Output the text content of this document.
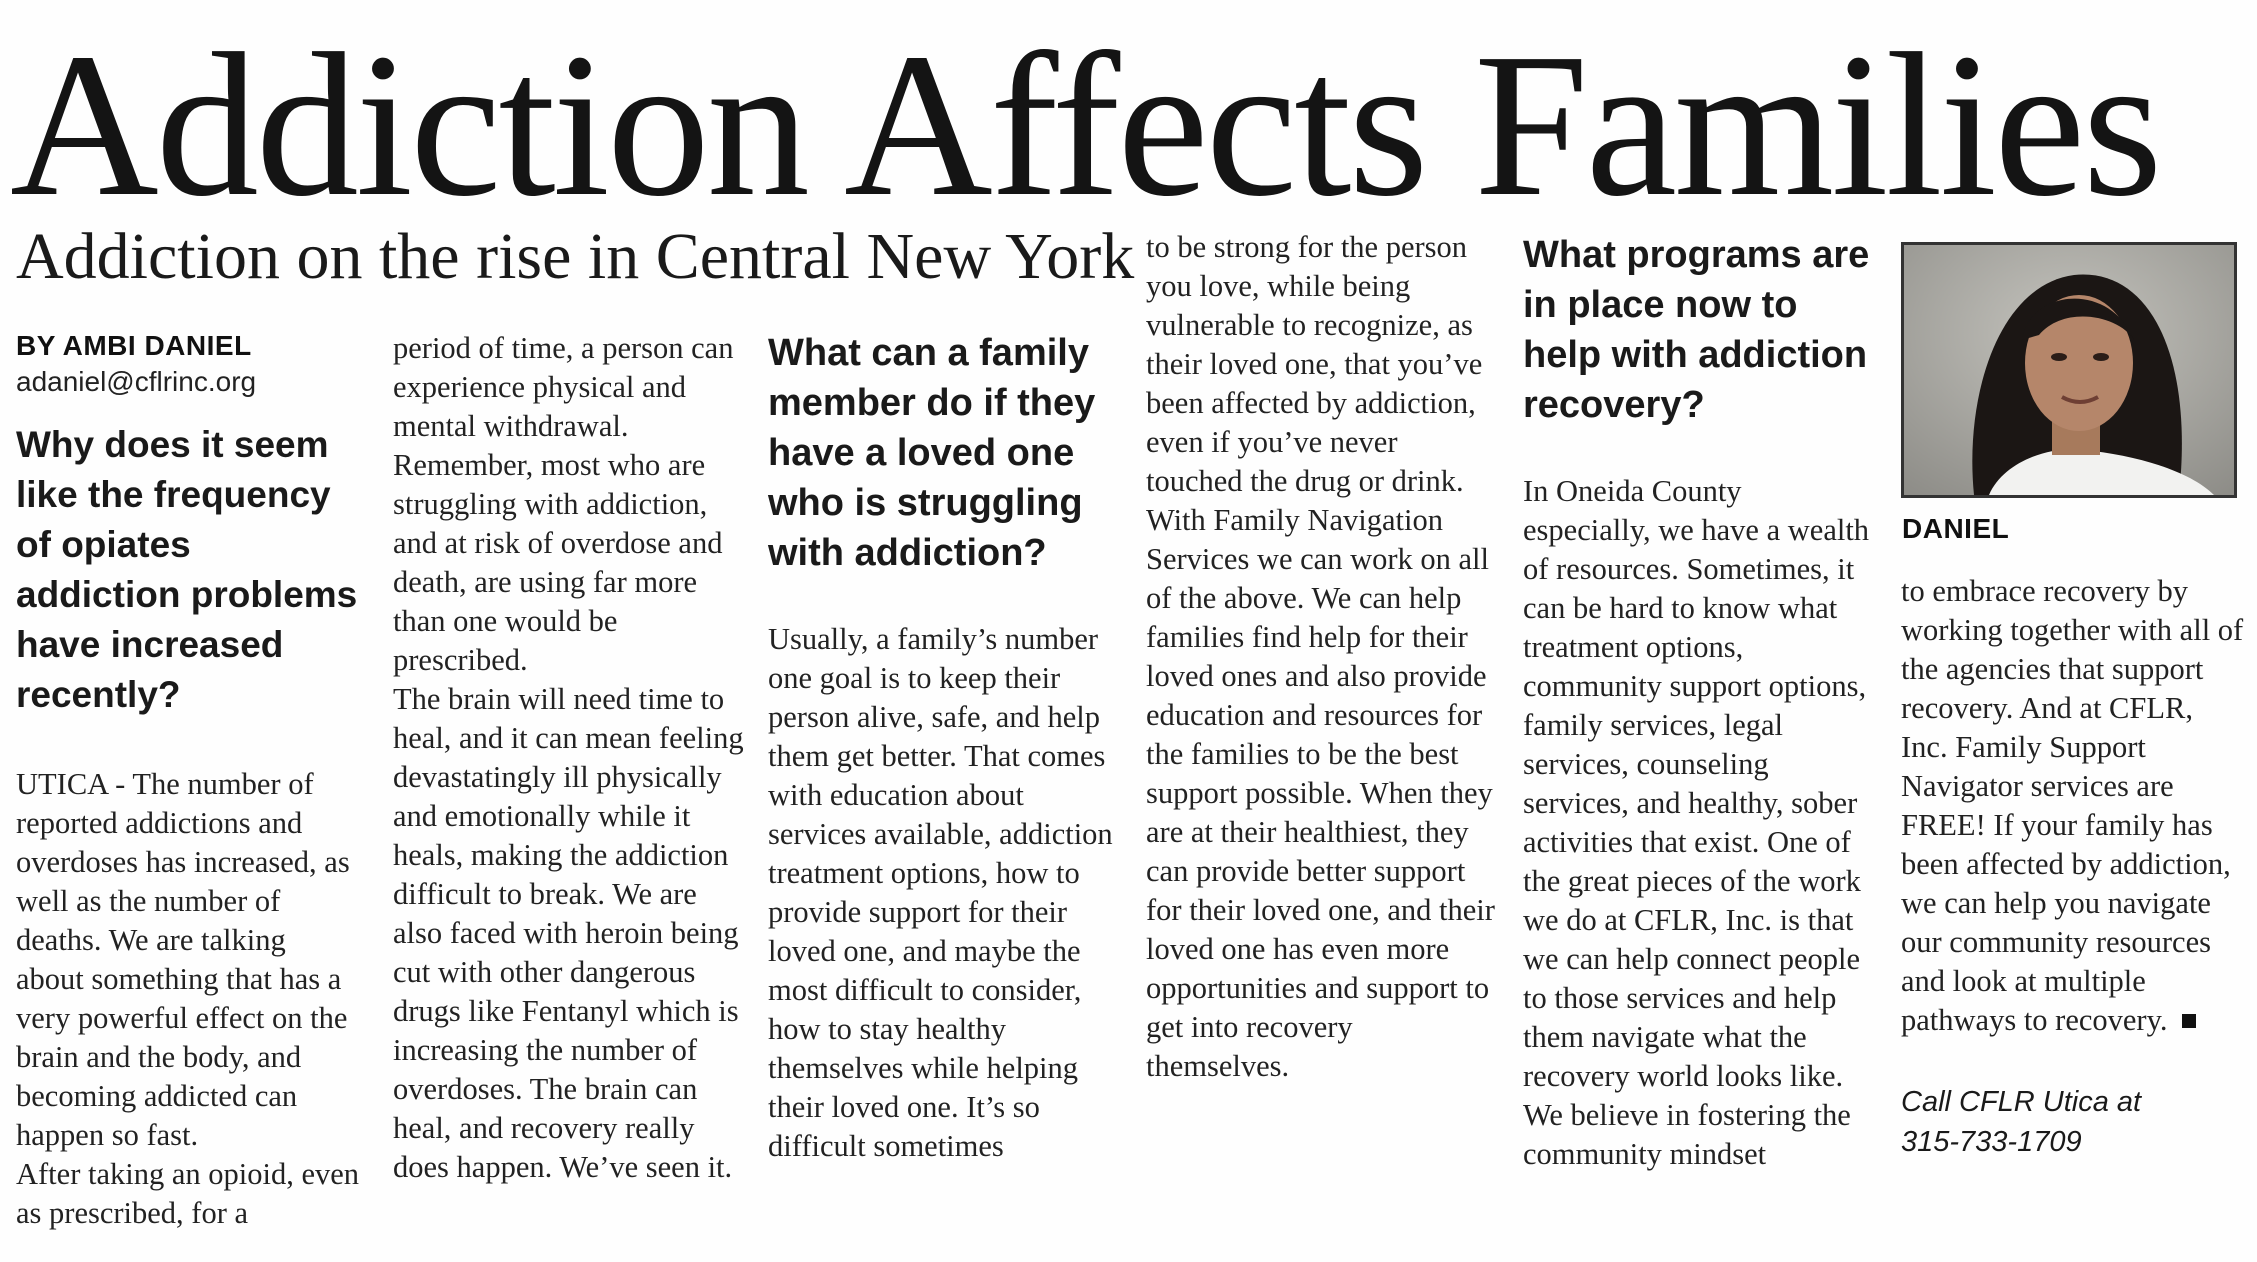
Addiction Affects Families
Addiction on the rise in Central New York
BY AMBI DANIEL
adaniel@cflrinc.org
Why does it seem like the frequency of opiates addiction problems have increased recently?

UTICA - The number of reported addictions and overdoses has increased, as well as the number of deaths. We are talking about something that has a very powerful effect on the brain and the body, and becoming addicted can happen so fast.

After taking an opioid, even as prescribed, for a

period of time, a person can experience physical and mental withdrawal. Remember, most who are struggling with addiction, and at risk of overdose and death, are using far more than one would be prescribed.

The brain will need time to heal, and it can mean feeling devastatingly ill physically and emotionally while it heals, making the addiction difficult to break. We are also faced with heroin being cut with other dangerous drugs like Fentanyl which is increasing the number of overdoses. The brain can heal, and recovery really does happen. We’ve seen it.

What can a family member do if they have a loved one who is struggling with addiction?

Usually, a family’s number one goal is to keep their person alive, safe, and help them get better. That comes with education about services available, addiction treatment options, how to provide support for their loved one, and maybe the most difficult to consider, how to stay healthy themselves while helping their loved one. It’s so difficult sometimes

to be strong for the person you love, while being vulnerable to recognize, as their loved one, that you’ve been affected by addiction, even if you’ve never touched the drug or drink. With Family Navigation Services we can work on all of the above. We can help families find help for their loved ones and also provide education and resources for the families to be the best support possible. When they are at their healthiest, they can provide better support for their loved one, and their loved one has even more opportunities and support to get into recovery themselves.

What programs are in place now to help with addiction recovery?

In Oneida County especially, we have a wealth of resources. Sometimes, it can be hard to know what treatment options, community support options, family services, legal services, counseling services, and healthy, sober activities that exist. One of the great pieces of the work we do at CFLR, Inc. is that we can help connect people to those services and help them navigate what the recovery world looks like. We believe in fostering the community mindset

DANIEL

to embrace recovery by working together with all of the agencies that support recovery. And at CFLR, Inc. Family Support Navigator services are FREE! If your family has been affected by addiction, we can help you navigate our community resources and look at multiple pathways to recovery.

Call CFLR Utica at
315-733-1709
